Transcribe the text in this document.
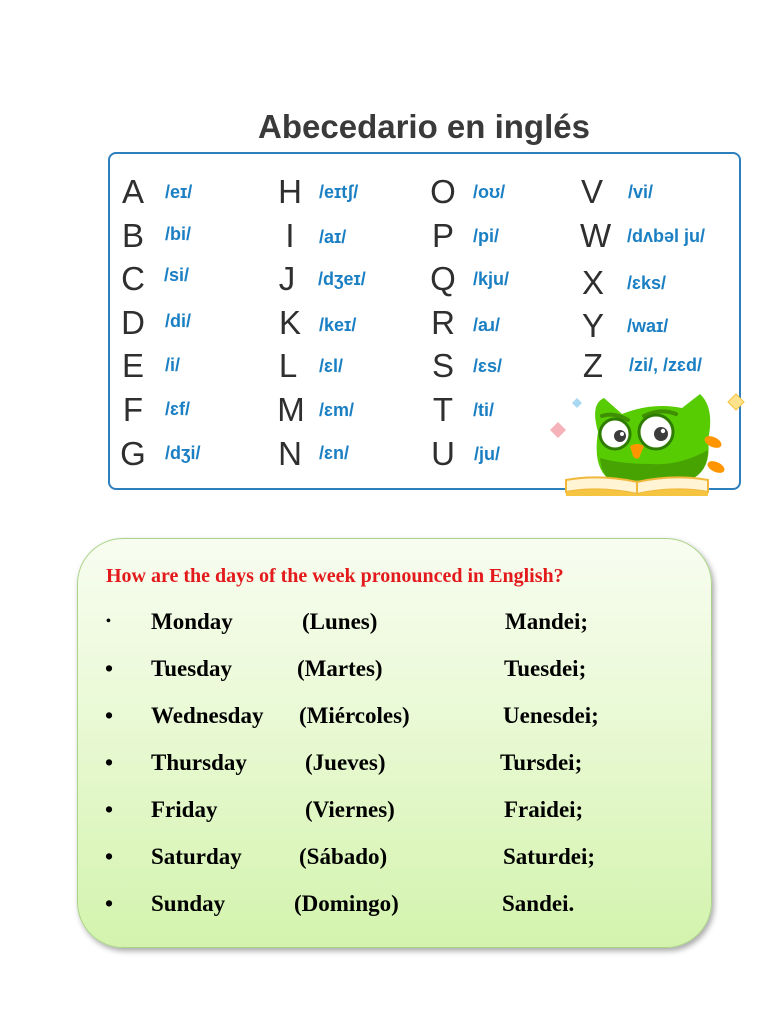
Abecedario en inglés
A /eɪ/
B /bi/
C /si/
D /di/
E /i/
F /ɛf/
G /dʒi/
H /eɪtʃ/
I	/aɪ/
J	/dʒeɪ/
K /keɪ/
L	/ɛl/
M /ɛm/
N /ɛn/
O /oʊ/
P /pi/
Q /kju/
R /aɹ/
S /ɛs/
T /ti/
U /ju/
V /vi/
W /dʌbəl ju/
X /ɛks/
Y /waɪ/
Z /zi/, /zɛd/
How are the days of the week pronounced in English?
• Monday	(Lunes)	Mandei;
• Tuesday	(Martes)	Tuesdei;
• Wednesday (Miércoles)	Uenesdei;
• Thursday	(Jueves)	Tursdei;
• Friday	(Viernes)	Fraidei;
• Saturday (Sábado)	Saturdei;
• Sunday	(Domingo)	Sandei.
